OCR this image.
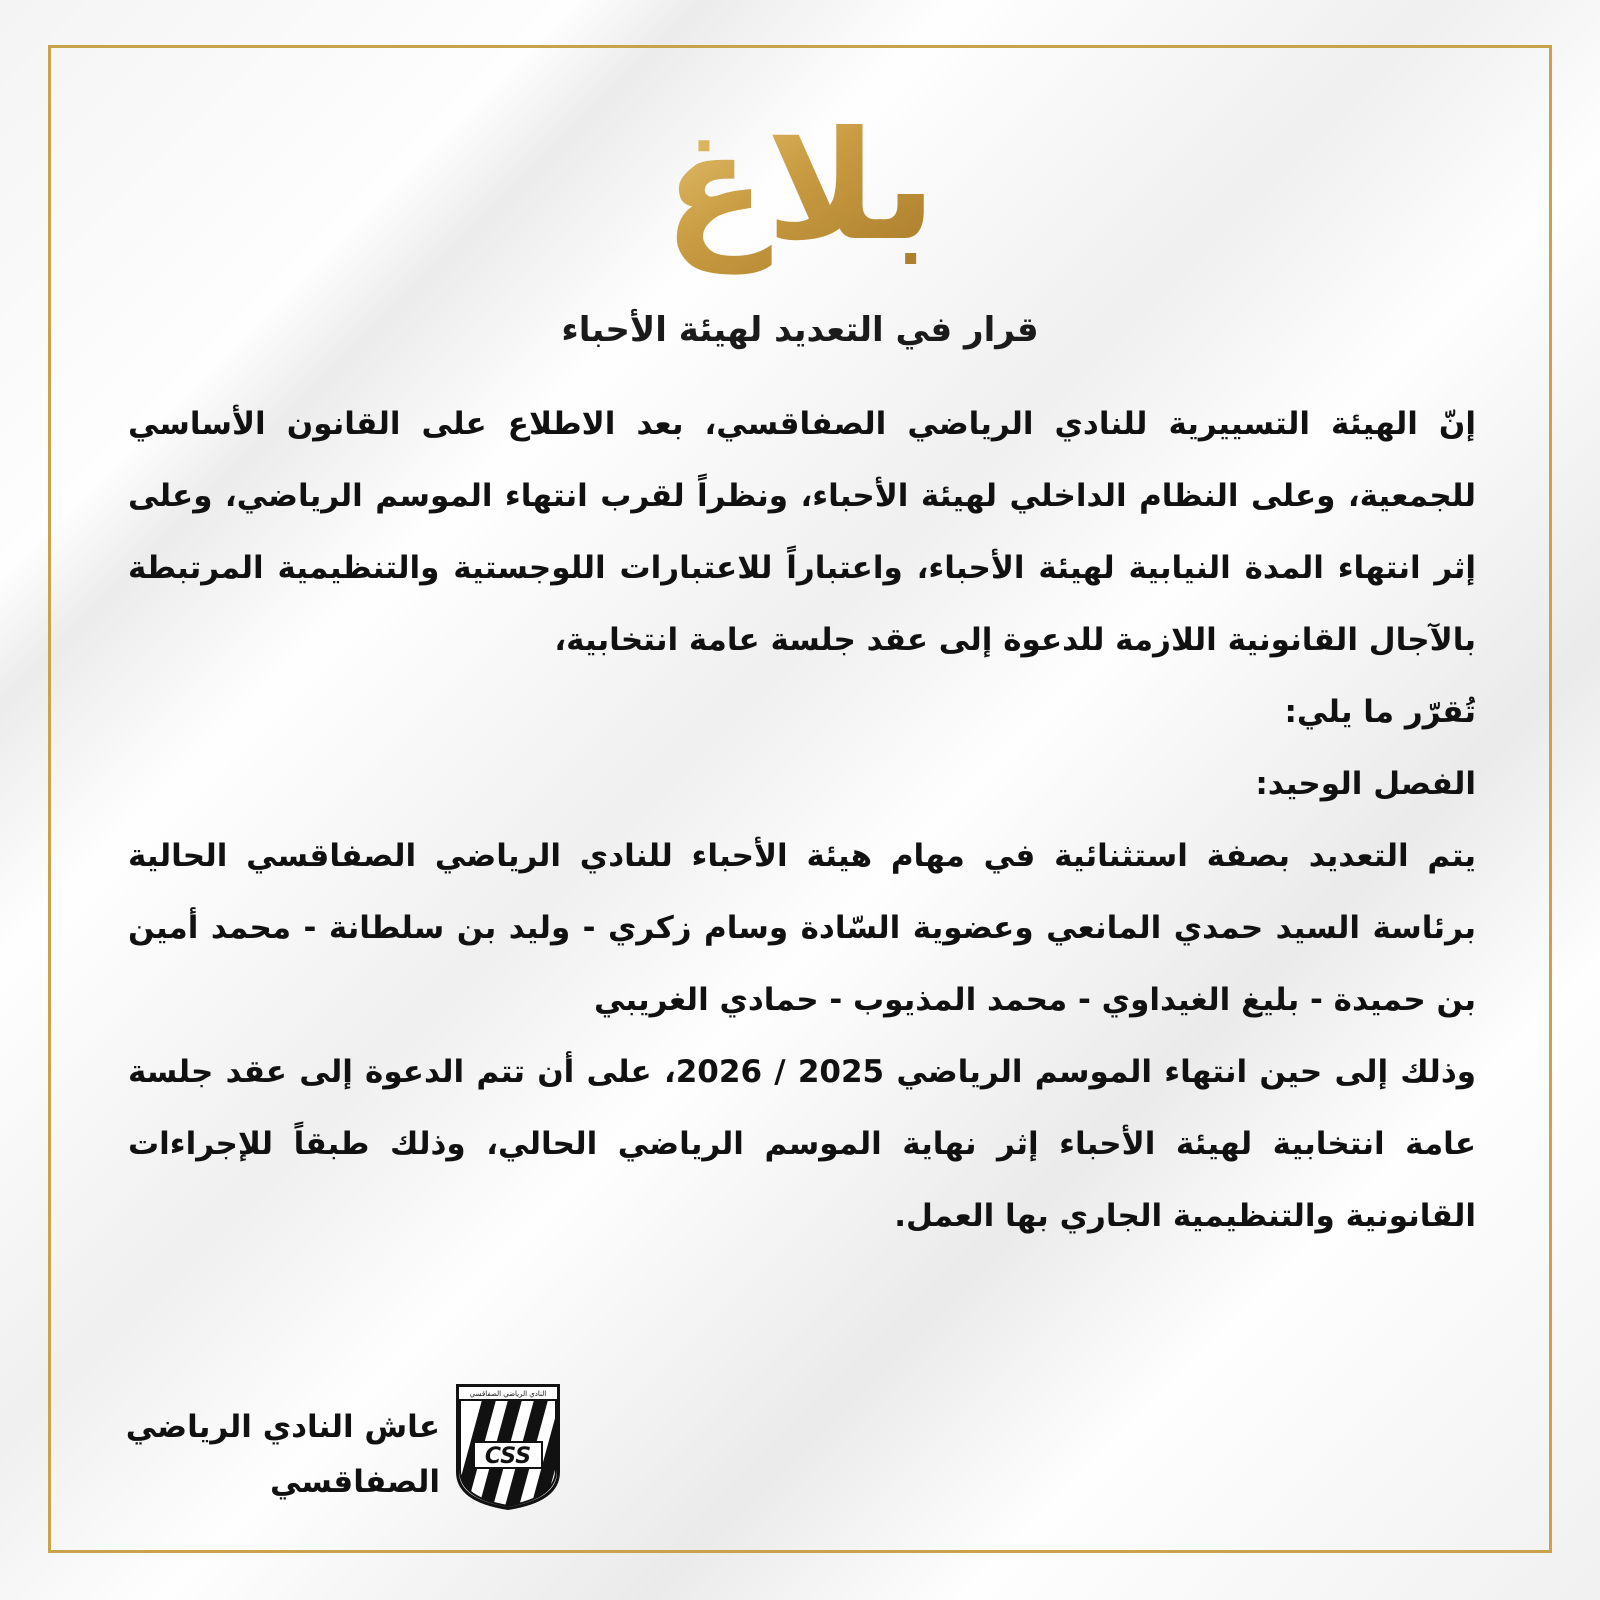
بلاغ
قرار في التعديد لهيئة الأحباء

إنّ الهيئة التسييرية للنادي الرياضي الصفاقسي، بعد الاطلاع على القانون الأساسي للجمعية، وعلى النظام الداخلي لهيئة الأحباء، ونظراً لقرب انتهاء الموسم الرياضي، وعلى إثر انتهاء المدة النيابية لهيئة الأحباء، واعتباراً للاعتبارات اللوجستية والتنظيمية المرتبطة بالآجال القانونية اللازمة للدعوة إلى عقد جلسة عامة انتخابية،

تُقرّر ما يلي:

الفصل الوحيد:

يتم التعديد بصفة استثنائية في مهام هيئة الأحباء للنادي الرياضي الصفاقسي الحالية برئاسة السيد حمدي المانعي وعضوية السّادة وسام زكري - وليد بن سلطانة - محمد أمين بن حميدة - بليغ الغيداوي - محمد المذيوب - حمادي الغريبي

وذلك إلى حين انتهاء الموسم الرياضي 2025 / 2026، على أن تتم الدعوة إلى عقد جلسة عامة انتخابية لهيئة الأحباء إثر نهاية الموسم الرياضي الحالي، وذلك طبقاً للإجراءات القانونية والتنظيمية الجاري بها العمل.

CSS
النادي الرياضي الصفاقسي
عاش النادي الرياضي
الصفاقسي
